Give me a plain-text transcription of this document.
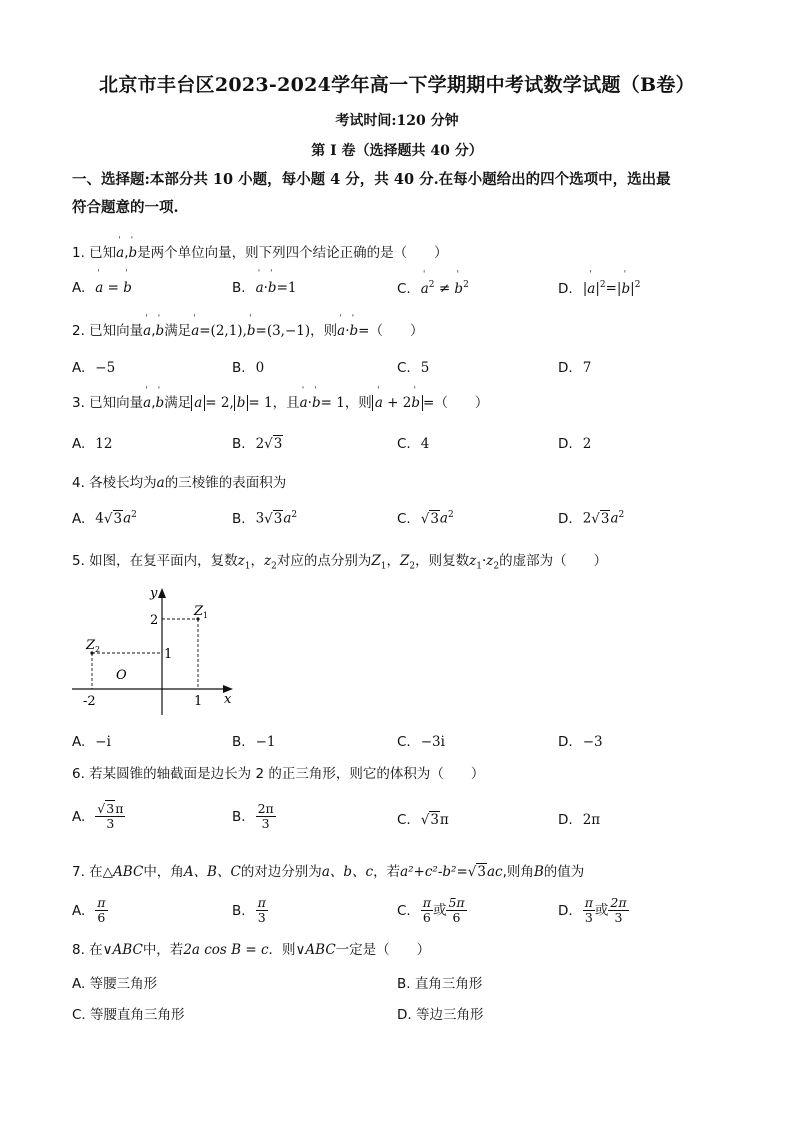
北京市丰台区2023-2024学年高一下学期期中考试数学试题（B卷）
考试时间:120 分钟
第 I 卷（选择题共 40 分）
一、选择题:本部分共 10 小题，每小题 4 分，共 40 分.在每小题给出的四个选项中，选出最
符合题意的一项.
1. 已知ˈ a,ˈ b是两个单位向量，则下列四个结论正确的是（　　）
A. ˈ a = ˈ b	B. ˈ a·ˈ b=1	C. ˈ $a^2$ ≠ ˈ $b^2$	D. |ˈ $a|^2=|ˈ$ $b|^2$
2. 已知向量ˈ a,ˈ b满足ˈ a=(2,1),ˈ b=(3,−1)，则ˈ a·ˈ b=（　　）
A. −5	B. 0	C. 5	D. 7
3. 已知向量ˈ a,ˈ b满足 a = 2, b = 1，且ˈ a·ˈ b= 1，则 ˈ a + 2ˈ b =（　　）
A. 12	B. 2√3	C. 4	D. 2
4. 各棱长均为a的三棱锥的表面积为
A. $4√3a^2$	B. $3√3a^2$	C. $√3a^2$	D. $2√3a^2$
5. 如图，在复平面内，复数$z_1$，$z_2$对应的点分别为$Z_1$，$Z_2$，则复数$z_1\cdot z_2$的虚部为（　　）
y
x
O
$Z_1$
$Z_2$
2
1
-2	1
A. −i	B. −1	C. −3i	D. −3
6. 若某圆锥的轴截面是边长为 2 的正三角形，则它的体积为（　　）
A. $\frac{√3\pi}{3}$	B. $\frac{2\pi}{3}$	C. √3π	D. 2π
7. 在△ABC中，角A、B、C的对边分别为a、b、c，若a²+c²-b²=√3ac,则角B的值为
A. $\frac{\pi}{6}$	B. $\frac{\pi}{3}$	C. $\frac{\pi}{6}$ 或 $\frac{5\pi}{6}$	D. $\frac{\pi}{3}$ 或 $\frac{2\pi}{3}$
8. 在∨ABC中，若2a cos B = c．则∨ABC一定是（　　）
A. 等腰三角形	B. 直角三角形
C. 等腰直角三角形	D. 等边三角形
